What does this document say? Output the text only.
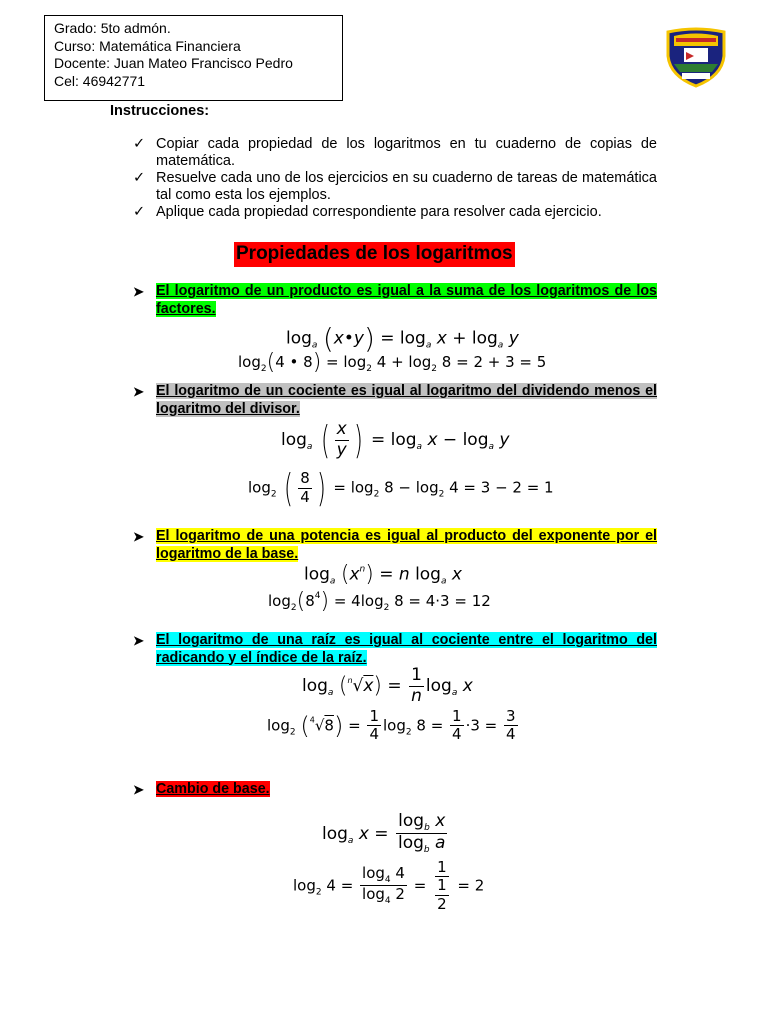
Grado: 5to admón.
Curso: Matemática Financiera
Docente: Juan Mateo Francisco Pedro
Cel: 46942771
Instrucciones:
✓ Copiar cada propiedad de los logaritmos en tu cuaderno de copias de matemática.
✓ Resuelve cada uno de los ejercicios en su cuaderno de tareas de matemática tal como esta los ejemplos.
✓ Aplique cada propiedad correspondiente para resolver cada ejercicio.
Propiedades de los logaritmos
➤ El logaritmo de un producto es igual a la suma de los logaritmos de los factores.
$\log_a$ (x•y) = $\log_a x + \log_a y$
$\log_2(4$ • $8) = \log_2 4 + \log_2 8 = 2 + 3 = 5$
➤ El logaritmo de un cociente es igual al logaritmo del dividendo menos el logaritmo del divisor.
$\log_a$ ( $\frac{x}{y}$ ) = $\log_a x - \log_a y$
$\log_2$ ( $\frac{8}{4}$ ) = $\log_2 8 - \log_2 4 = 3 - 2 = 1$
➤ El logaritmo de una potencia es igual al producto del exponente por el logaritmo de la base.
$\log_a (x^n) = n$ $\log_a x$
$\log_2(8^4) = 4\log_2$ 8 = 4·3 = 12
➤ El logaritmo de una raíz es igual al cociente entre el logaritmo del radicando y el índice de la raíz.
$\log_a (^n√x) = \frac{1}{n} \log_a x$
$\log_2 (^4√8) = \frac{1}{4} \log_2 8 = \frac{1}{4} \cdot 3 = \frac{3}{4}$
➤ Cambio de base.
$\log_a x = \frac{\log_b x}{\log_b a}$
$\log_2 4 = \frac{\log_4 4}{\log_4 2} = \frac{1}{\frac{1}{2}} = 2$
